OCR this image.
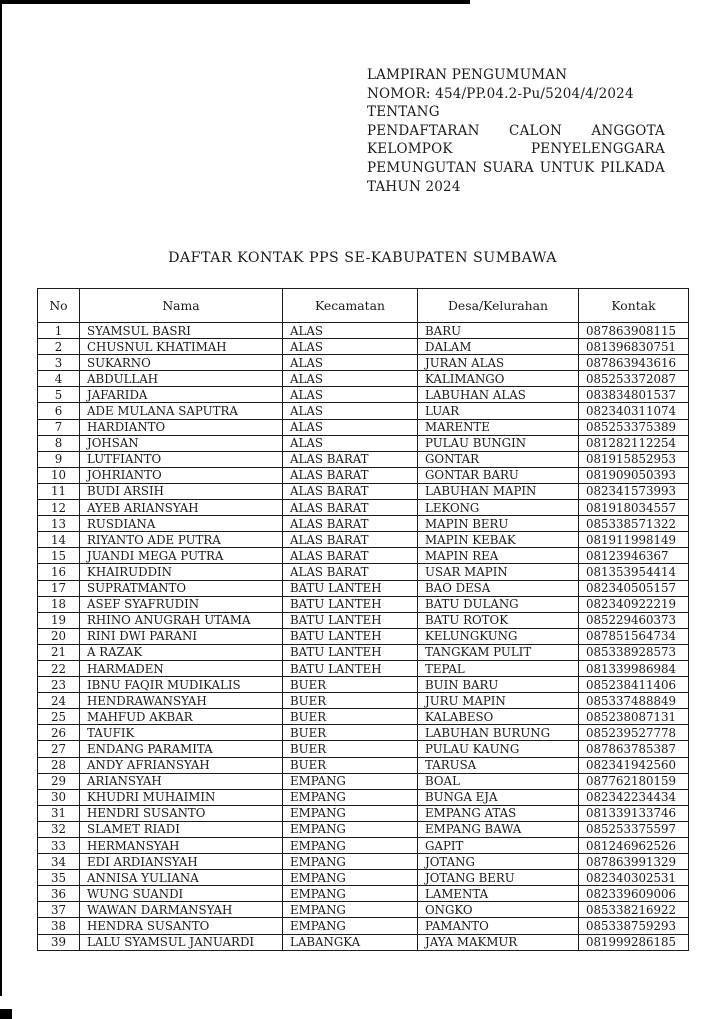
LAMPIRAN PENGUMUMAN
NOMOR: 454/PP.04.2-Pu/5204/4/2024
TENTANG
PENDAFTARAN CALON ANGGOTA
KELOMPOK PENYELENGGARA
PEMUNGUTAN SUARA UNTUK PILKADA
TAHUN 2024
DAFTAR KONTAK PPS SE-KABUPATEN SUMBAWA
No	Nama	Kecamatan	Desa/Kelurahan	Kontak
1	SYAMSUL BASRI	ALAS	BARU	087863908115
2	CHUSNUL KHATIMAH	ALAS	DALAM	081396830751
3	SUKARNO	ALAS	JURAN ALAS	087863943616
4	ABDULLAH	ALAS	KALIMANGO	085253372087
5	JAFARIDA	ALAS	LABUHAN ALAS	083834801537
6	ADE MULANA SAPUTRA	ALAS	LUAR	082340311074
7	HARDIANTO	ALAS	MARENTE	085253375389
8	JOHSAN	ALAS	PULAU BUNGIN	081282112254
9	LUTFIANTO	ALAS BARAT	GONTAR	081915852953
10	JOHRIANTO	ALAS BARAT	GONTAR BARU	081909050393
11	BUDI ARSIH	ALAS BARAT	LABUHAN MAPIN	082341573993
12	AYEB ARIANSYAH	ALAS BARAT	LEKONG	081918034557
13	RUSDIANA	ALAS BARAT	MAPIN BERU	085338571322
14	RIYANTO ADE PUTRA	ALAS BARAT	MAPIN KEBAK	081911998149
15	JUANDI MEGA PUTRA	ALAS BARAT	MAPIN REA	08123946367
16	KHAIRUDDIN	ALAS BARAT	USAR MAPIN	081353954414
17	SUPRATMANTO	BATU LANTEH	BAO DESA	082340505157
18	ASEF SYAFRUDIN	BATU LANTEH	BATU DULANG	082340922219
19	RHINO ANUGRAH UTAMA	BATU LANTEH	BATU ROTOK	085229460373
20	RINI DWI PARANI	BATU LANTEH	KELUNGKUNG	087851564734
21	A RAZAK	BATU LANTEH	TANGKAM PULIT	085338928573
22	HARMADEN	BATU LANTEH	TEPAL	081339986984
23	IBNU FAQIR MUDIKALIS	BUER	BUIN BARU	085238411406
24	HENDRAWANSYAH	BUER	JURU MAPIN	085337488849
25	MAHFUD AKBAR	BUER	KALABESO	085238087131
26	TAUFIK	BUER	LABUHAN BURUNG	085239527778
27	ENDANG PARAMITA	BUER	PULAU KAUNG	087863785387
28	ANDY AFRIANSYAH	BUER	TARUSA	082341942560
29	ARIANSYAH	EMPANG	BOAL	087762180159
30	KHUDRI MUHAIMIN	EMPANG	BUNGA EJA	082342234434
31	HENDRI SUSANTO	EMPANG	EMPANG ATAS	081339133746
32	SLAMET RIADI	EMPANG	EMPANG BAWA	085253375597
33	HERMANSYAH	EMPANG	GAPIT	081246962526
34	EDI ARDIANSYAH	EMPANG	JOTANG	087863991329
35	ANNISA YULIANA	EMPANG	JOTANG BERU	082340302531
36	WUNG SUANDI	EMPANG	LAMENTA	082339609006
37	WAWAN DARMANSYAH	EMPANG	ONGKO	085338216922
38	HENDRA SUSANTO	EMPANG	PAMANTO	085338759293
39	LALU SYAMSUL JANUARDI	LABANGKA	JAYA MAKMUR	081999286185
